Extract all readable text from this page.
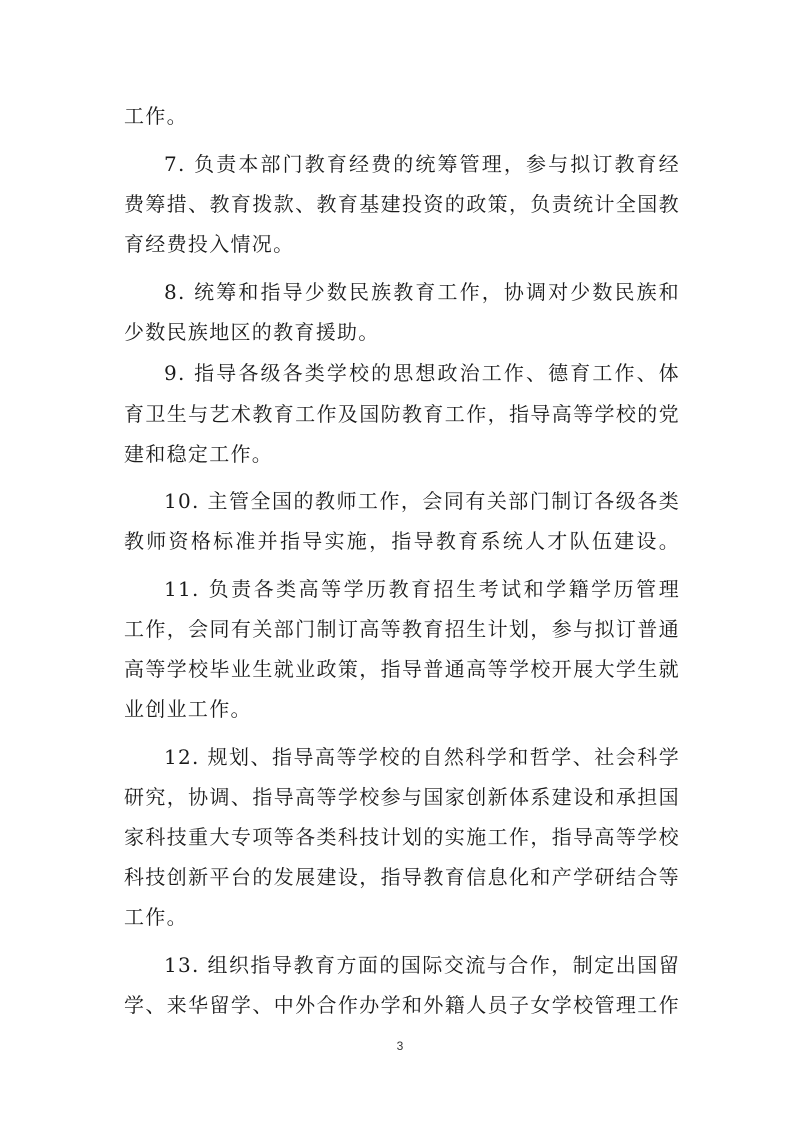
工作。
7. 负责本部门教育经费的统筹管理，参与拟订教育经
费筹措、教育拨款、教育基建投资的政策，负责统计全国教
育经费投入情况。
8. 统筹和指导少数民族教育工作，协调对少数民族和
少数民族地区的教育援助。
9. 指导各级各类学校的思想政治工作、德育工作、体
育卫生与艺术教育工作及国防教育工作，指导高等学校的党
建和稳定工作。
10. 主管全国的教师工作，会同有关部门制订各级各类
教师资格标准并指导实施，指导教育系统人才队伍建设。
11. 负责各类高等学历教育招生考试和学籍学历管理
工作，会同有关部门制订高等教育招生计划，参与拟订普通
高等学校毕业生就业政策，指导普通高等学校开展大学生就
业创业工作。
12. 规划、指导高等学校的自然科学和哲学、社会科学
研究，协调、指导高等学校参与国家创新体系建设和承担国
家科技重大专项等各类科技计划的实施工作，指导高等学校
科技创新平台的发展建设，指导教育信息化和产学研结合等
工作。
13. 组织指导教育方面的国际交流与合作，制定出国留
学、来华留学、中外合作办学和外籍人员子女学校管理工作
3
